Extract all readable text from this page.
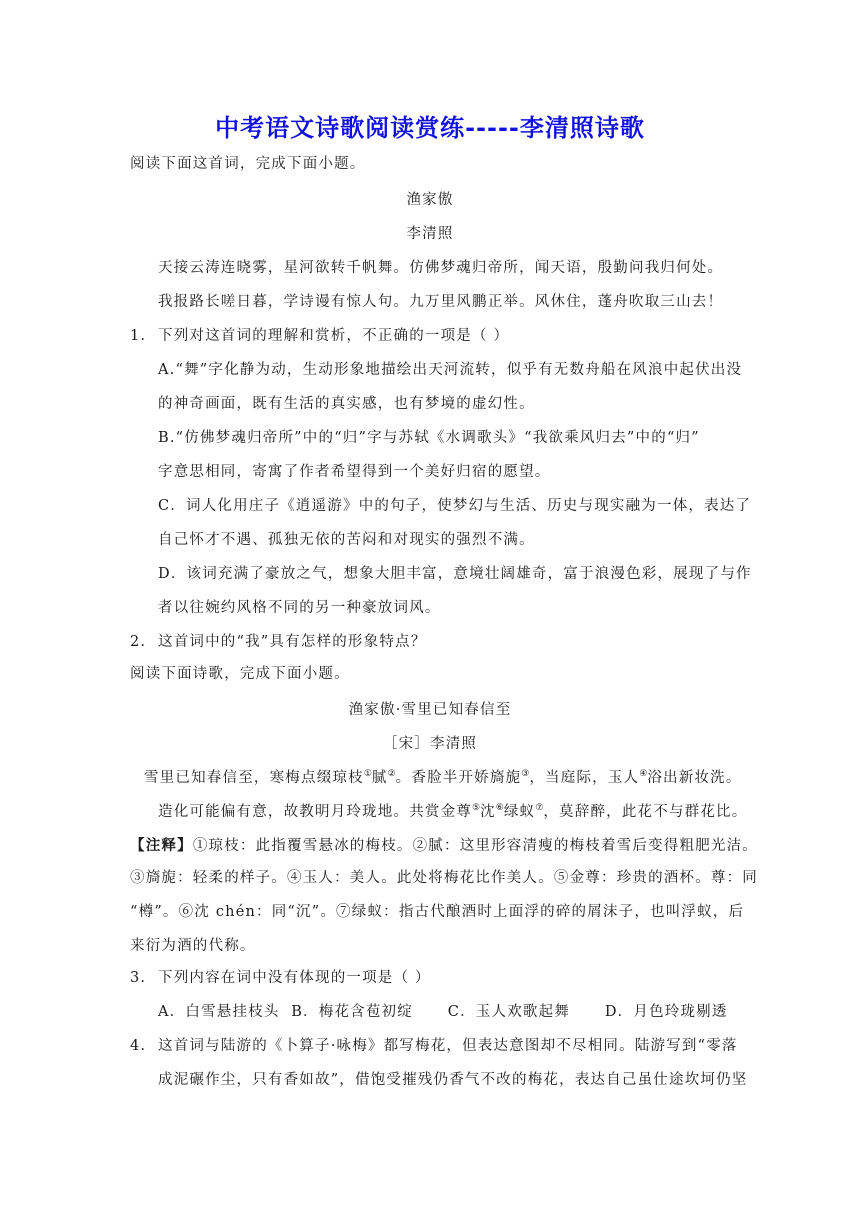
中考语文诗歌阅读赏练-----李清照诗歌
阅读下面这首词，完成下面小题。
渔家傲
李清照
天接云涛连晓雾，星河欲转千帆舞。仿佛梦魂归帝所，闻天语，殷勤问我归何处。
我报路长嗟日暮，学诗谩有惊人句。九万里风鹏正举。风休住，蓬舟吹取三山去！
1. 下列对这首词的理解和赏析，不正确的一项是（ ）
A.“舞”字化静为动，生动形象地描绘出天河流转，似乎有无数舟船在风浪中起伏出没
的神奇画面，既有生活的真实感，也有梦境的虚幻性。
B.“仿佛梦魂归帝所”中的“归”字与苏轼《水调歌头》“我欲乘风归去”中的“归”
字意思相同，寄寓了作者希望得到一个美好归宿的愿望。
C．词人化用庄子《逍遥游》中的句子，使梦幻与生活、历史与现实融为一体，表达了
自己怀才不遇、孤独无依的苦闷和对现实的强烈不满。
D．该词充满了豪放之气，想象大胆丰富，意境壮阔雄奇，富于浪漫色彩，展现了与作
者以往婉约风格不同的另一种豪放词风。
2. 这首词中的“我”具有怎样的形象特点？
阅读下面诗歌，完成下面小题。
渔家傲·雪里已知春信至
［宋］李清照
雪里已知春信至，寒梅点缀琼枝①腻②。香脸半开娇旖旎③，当庭际，玉人④浴出新妆洗。
造化可能偏有意，故教明月玲珑地。共赏金尊⑤沈⑥绿蚁⑦，莫辞醉，此花不与群花比。
【注释】①琼枝：此指覆雪悬冰的梅枝。②腻：这里形容清瘦的梅枝着雪后变得粗肥光洁。
③旖旎：轻柔的样子。④玉人：美人。此处将梅花比作美人。⑤金尊：珍贵的酒杯。尊：同
“樽”。⑥沈 chén：同“沉”。⑦绿蚁：指古代酿酒时上面浮的碎的屑沫子，也叫浮蚁，后
来衍为酒的代称。
3. 下列内容在词中没有体现的一项是（ ）
A．白雪悬挂枝头  B．梅花含苞初绽      C．玉人欢歌起舞      D．月色玲珑剔透
4. 这首词与陆游的《卜算子·咏梅》都写梅花，但表达意图却不尽相同。陆游写到“零落
成泥碾作尘，只有香如故”，借饱受摧残仍香气不改的梅花，表达自己虽仕途坎坷仍坚
